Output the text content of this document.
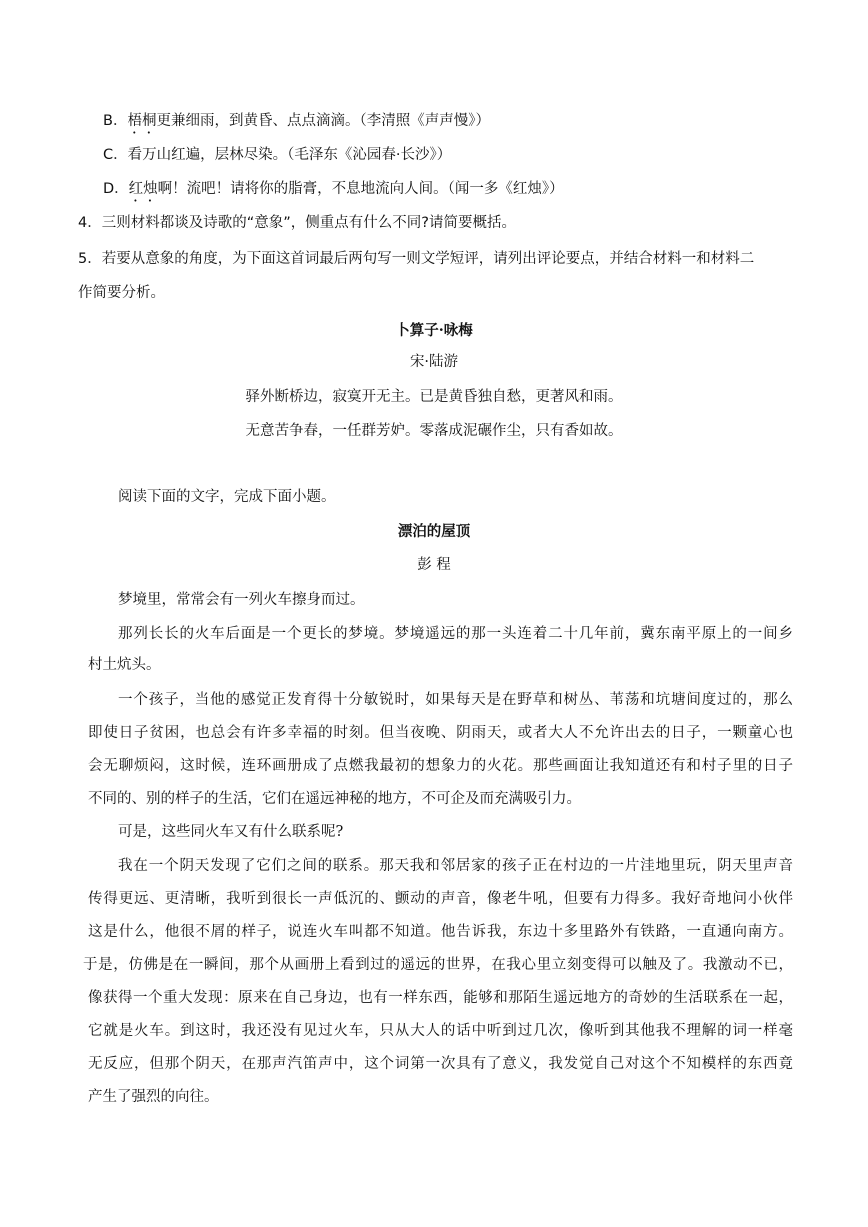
B．梧桐更兼细雨，到黄昏、点点滴滴。（李清照《声声慢》）
C．看万山红遍，层林尽染。（毛泽东《沁园春·长沙》）
D．红烛啊！流吧！请将你的脂膏，不息地流向人间。（闻一多《红烛》）
4．三则材料都谈及诗歌的“意象”，侧重点有什么不同?请简要概括。
5．若要从意象的角度，为下面这首词最后两句写一则文学短评，请列出评论要点，并结合材料一和材料二
作简要分析。
卜算子·咏梅
宋·陆游
驿外断桥边，寂寞开无主。已是黄昏独自愁，更著风和雨。
无意苦争春，一任群芳妒。零落成泥碾作尘，只有香如故。
阅读下面的文字，完成下面小题。
漂泊的屋顶
彭 程
梦境里，常常会有一列火车擦身而过。
那列长长的火车后面是一个更长的梦境。梦境遥远的那一头连着二十几年前，冀东南平原上的一间乡
村土炕头。
一个孩子，当他的感觉正发育得十分敏锐时，如果每天是在野草和树丛、苇荡和坑塘间度过的，那么
即使日子贫困，也总会有许多幸福的时刻。但当夜晚、阴雨天，或者大人不允许出去的日子，一颗童心也
会无聊烦闷，这时候，连环画册成了点燃我最初的想象力的火花。那些画面让我知道还有和村子里的日子
不同的、别的样子的生活，它们在遥远神秘的地方，不可企及而充满吸引力。
可是，这些同火车又有什么联系呢?
我在一个阴天发现了它们之间的联系。那天我和邻居家的孩子正在村边的一片洼地里玩，阴天里声音
传得更远、更清晰，我听到很长一声低沉的、颤动的声音，像老牛吼，但要有力得多。我好奇地问小伙伴
这是什么，他很不屑的样子，说连火车叫都不知道。他告诉我，东边十多里路外有铁路，一直通向南方。
于是，仿佛是在一瞬间，那个从画册上看到过的遥远的世界，在我心里立刻变得可以触及了。我激动不已，
像获得一个重大发现：原来在自己身边，也有一样东西，能够和那陌生遥远地方的奇妙的生活联系在一起，
它就是火车。到这时，我还没有见过火车，只从大人的话中听到过几次，像听到其他我不理解的词一样毫
无反应，但那个阴天，在那声汽笛声中，这个词第一次具有了意义，我发觉自己对这个不知模样的东西竟
产生了强烈的向往。
